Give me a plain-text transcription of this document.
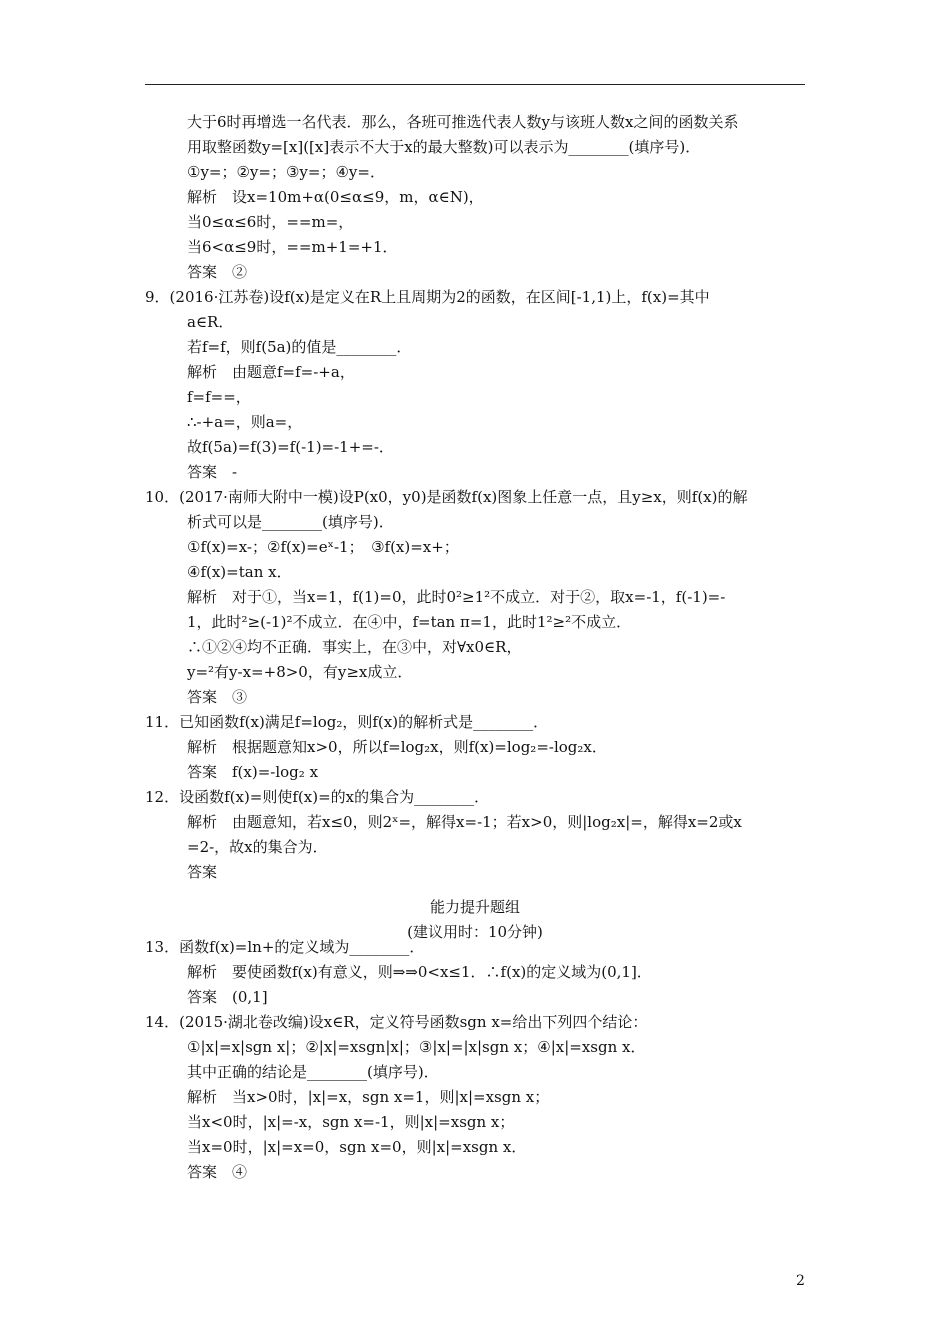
大于6时再增选一名代表．那么，各班可推选代表人数y与该班人数x之间的函数关系
用取整函数y=[x]([x]表示不大于x的最大整数)可以表示为________(填序号)．
①y=；②y=；③y=；④y=．
解析　设x=10m+α(0≤α≤9，m，α∈N)，
当0≤α≤6时，==m=，
当6<α≤9时，==m+1=+1．
答案　②
9．(2016·江苏卷)设f(x)是定义在R上且周期为2的函数，在区间[-1,1)上，f(x)=其中
a∈R．
若f=f，则f(5a)的值是________．
解析　由题意f=f=-+a，
f=f==，
∴-+a=，则a=，
故f(5a)=f(3)=f(-1)=-1+=-．
答案　-
10．(2017·南师大附中一模)设P(x0，y0)是函数f(x)图象上任意一点，且y≥x，则f(x)的解
析式可以是________(填序号)．
①f(x)=x-；②f(x)=eˣ-1；　③f(x)=x+；
④f(x)=tan x．
解析　对于①，当x=1，f(1)=0，此时0²≥1²不成立．对于②，取x=-1，f(-1)=-
1，此时²≥(-1)²不成立．在④中，f=tan π=1，此时1²≥²不成立．
∴①②④均不正确．事实上，在③中，对∀x0∈R，
y=²有y-x=+8>0，有y≥x成立．
答案　③
11．已知函数f(x)满足f=log₂，则f(x)的解析式是________．
解析　根据题意知x>0，所以f=log₂x，则f(x)=log₂=-log₂x．
答案　f(x)=-log₂ x
12．设函数f(x)=则使f(x)=的x的集合为________．
解析　由题意知，若x≤0，则2ˣ=，解得x=-1；若x>0，则|log₂x|=，解得x=2或x
=2-，故x的集合为．
答案
13．函数f(x)=ln+的定义域为________．
解析　要使函数f(x)有意义，则⇒⇒0<x≤1．∴f(x)的定义域为(0,1]．
答案　(0,1]
14．(2015·湖北卷改编)设x∈R，定义符号函数sgn x=给出下列四个结论：
①|x|=x|sgn x|；②|x|=xsgn|x|；③|x|=|x|sgn x；④|x|=xsgn x．
其中正确的结论是________(填序号)．
解析　当x>0时，|x|=x，sgn x=1，则|x|=xsgn x；
当x<0时，|x|=-x，sgn x=-1，则|x|=xsgn x；
当x=0时，|x|=x=0，sgn x=0，则|x|=xsgn x．
答案　④
能力提升题组
(建议用时：10分钟)
2
